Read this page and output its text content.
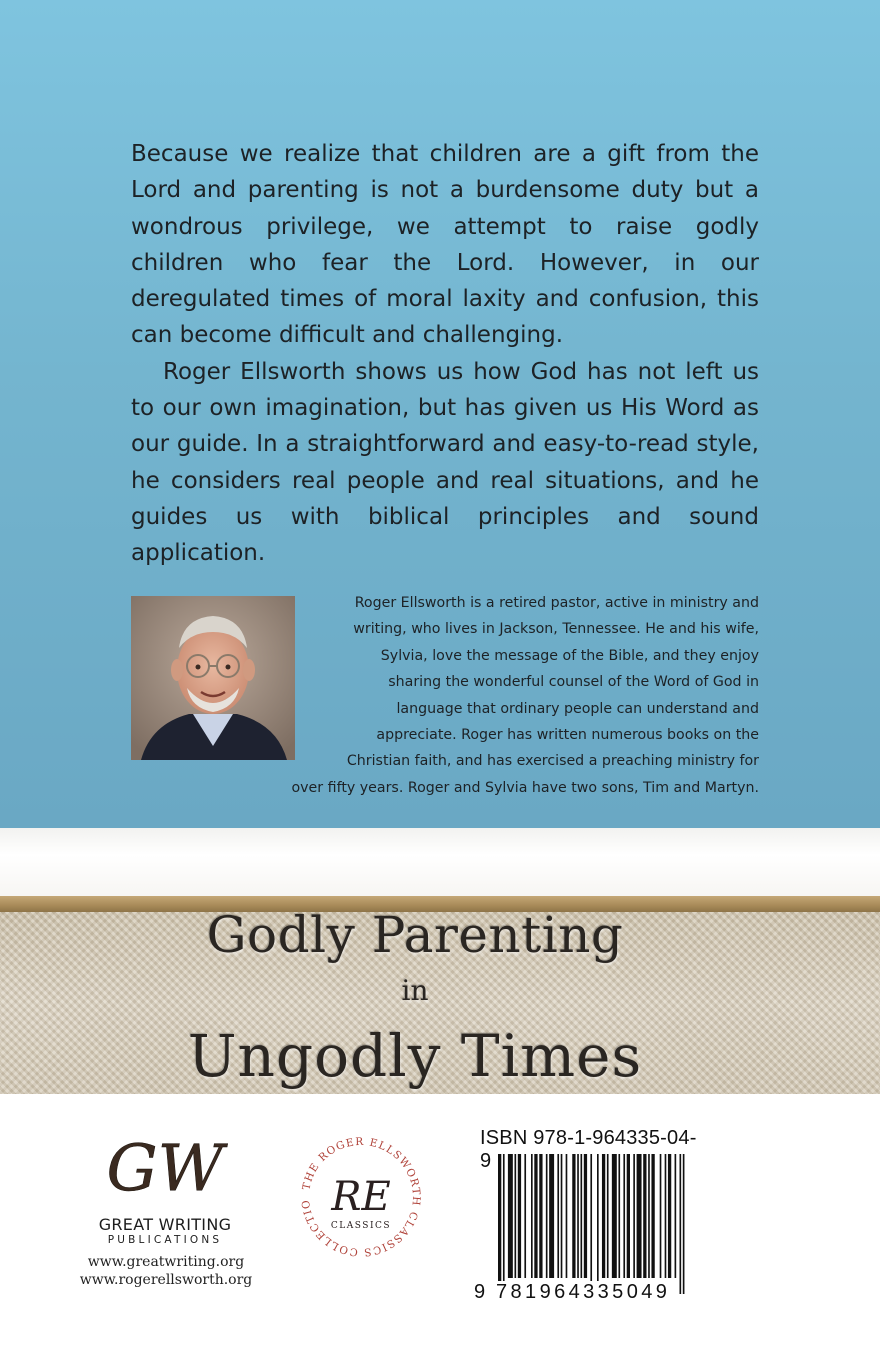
Because we realize that children are a gift from the Lord and parenting is not a burdensome duty but a wondrous privilege, we attempt to raise godly children who fear the Lord. However, in our deregulated times of moral laxity and confusion, this can become difficult and challenging.

Roger Ellsworth shows us how God has not left us to our own imagination, but has given us His Word as our guide. In a straightforward and easy-to-read style, he considers real people and real situations, and he guides us with biblical principles and sound application.

Roger Ellsworth is a retired pastor, active in ministry and
writing, who lives in Jackson, Tennessee. He and his wife,
Sylvia, love the message of the Bible, and they enjoy
sharing the wonderful counsel of the Word of God in
language that ordinary people can understand and
appreciate. Roger has written numerous books on the
Christian faith, and has exercised a preaching ministry for
over fifty years. Roger and Sylvia have two sons, Tim and Martyn.
Godly Parenting
in
Ungodly Times
GW
GREAT WRITING
PUBLICATIONS
www.greatwriting.org
www.rogerellsworth.org
THE ROGER ELLSWORTH CLASSICS COLLECTIO RE
CLASSICS
ISBN 978-1-964335-04-9
9 781964335049
